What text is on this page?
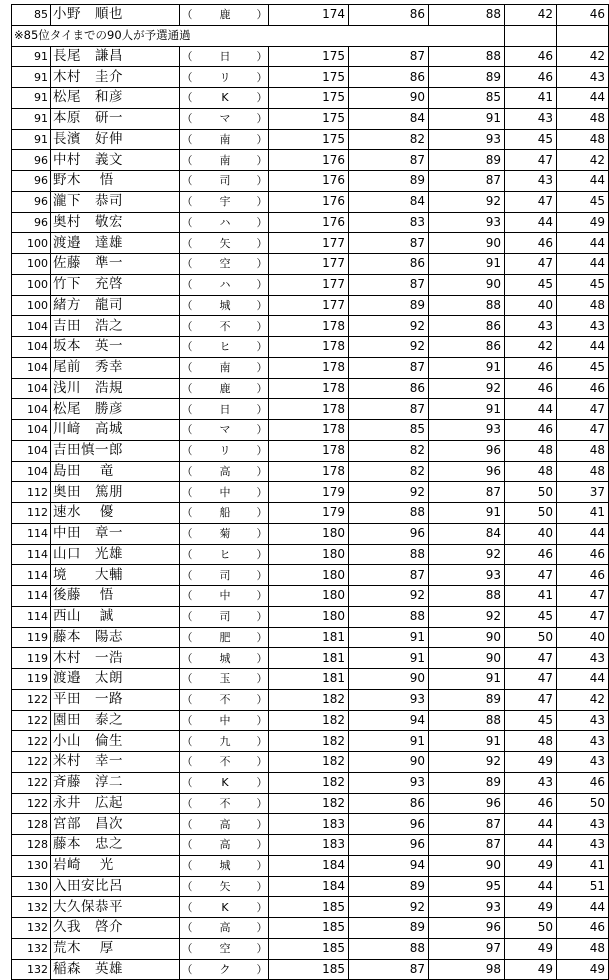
85	小野　順也	（	鹿	）	174	86	88	42	46
※85位タイまでの90人が予選通過									
91	長尾　謙昌	（	日	）	175	87	88	46	42
91	木村　圭介	（	リ	）	175	86	89	46	43
91	松尾　和彦	（	K	）	175	90	85	41	44
91	本原　研一	（	マ	）	175	84	91	43	48
91	長濱　好伸	（	南	）	175	82	93	45	48
96	中村　義文	（	南	）	176	87	89	47	42
96	野木　 悟	（	司	）	176	89	87	43	44
96	瀧下　恭司	（	宇	）	176	84	92	47	45
96	奥村　敬宏	（	ハ	）	176	83	93	44	49
100	渡邉　達雄	（	矢	）	177	87	90	46	44
100	佐藤　準一	（	空	）	177	86	91	47	44
100	竹下　充啓	（	ハ	）	177	87	90	45	45
100	緒方　龍司	（	城	）	177	89	88	40	48
104	吉田　浩之	（	不	）	178	92	86	43	43
104	坂本　英一	（	ヒ	）	178	92	86	42	44
104	尾前　秀幸	（	南	）	178	87	91	46	45
104	浅川　浩規	（	鹿	）	178	86	92	46	46
104	松尾　勝彦	（	日	）	178	87	91	44	47
104	川﨑　高城	（	マ	）	178	85	93	46	47
104	吉田慎一郎	（	リ	）	178	82	96	48	48
104	島田　 竜	（	高	）	178	82	96	48	48
112	奥田　篤朋	（	中	）	179	92	87	50	37
112	速水　 優	（	船	）	179	88	91	50	41
114	中田　章一	（	菊	）	180	96	84	40	44
114	山口　光雄	（	ヒ	）	180	88	92	46	46
114	境　　大輔	（	司	）	180	87	93	47	46
114	後藤　 悟	（	中	）	180	92	88	41	47
114	西山　 誠	（	司	）	180	88	92	45	47
119	藤本　陽志	（	肥	）	181	91	90	50	40
119	木村　一浩	（	城	）	181	91	90	47	43
119	渡邉　太朗	（	玉	）	181	90	91	47	44
122	平田　一路	（	不	）	182	93	89	47	42
122	園田　泰之	（	中	）	182	94	88	45	43
122	小山　倫生	（	九	）	182	91	91	48	43
122	米村　幸一	（	不	）	182	90	92	49	43
122	斉藤　淳二	（	K	）	182	93	89	43	46
122	永井　広起	（	不	）	182	86	96	46	50
128	宮部　昌次	（	高	）	183	96	87	44	43
128	藤本　忠之	（	高	）	183	96	87	44	43
130	岩崎　 光	（	城	）	184	94	90	49	41
130	入田安比呂	（	矢	）	184	89	95	44	51
132	大久保恭平	（	K	）	185	92	93	49	44
132	久我　啓介	（	高	）	185	89	96	50	46
132	荒木　 厚	（	空	）	185	88	97	49	48
132	稲森　英雄	（	ク	）	185	87	98	49	49
